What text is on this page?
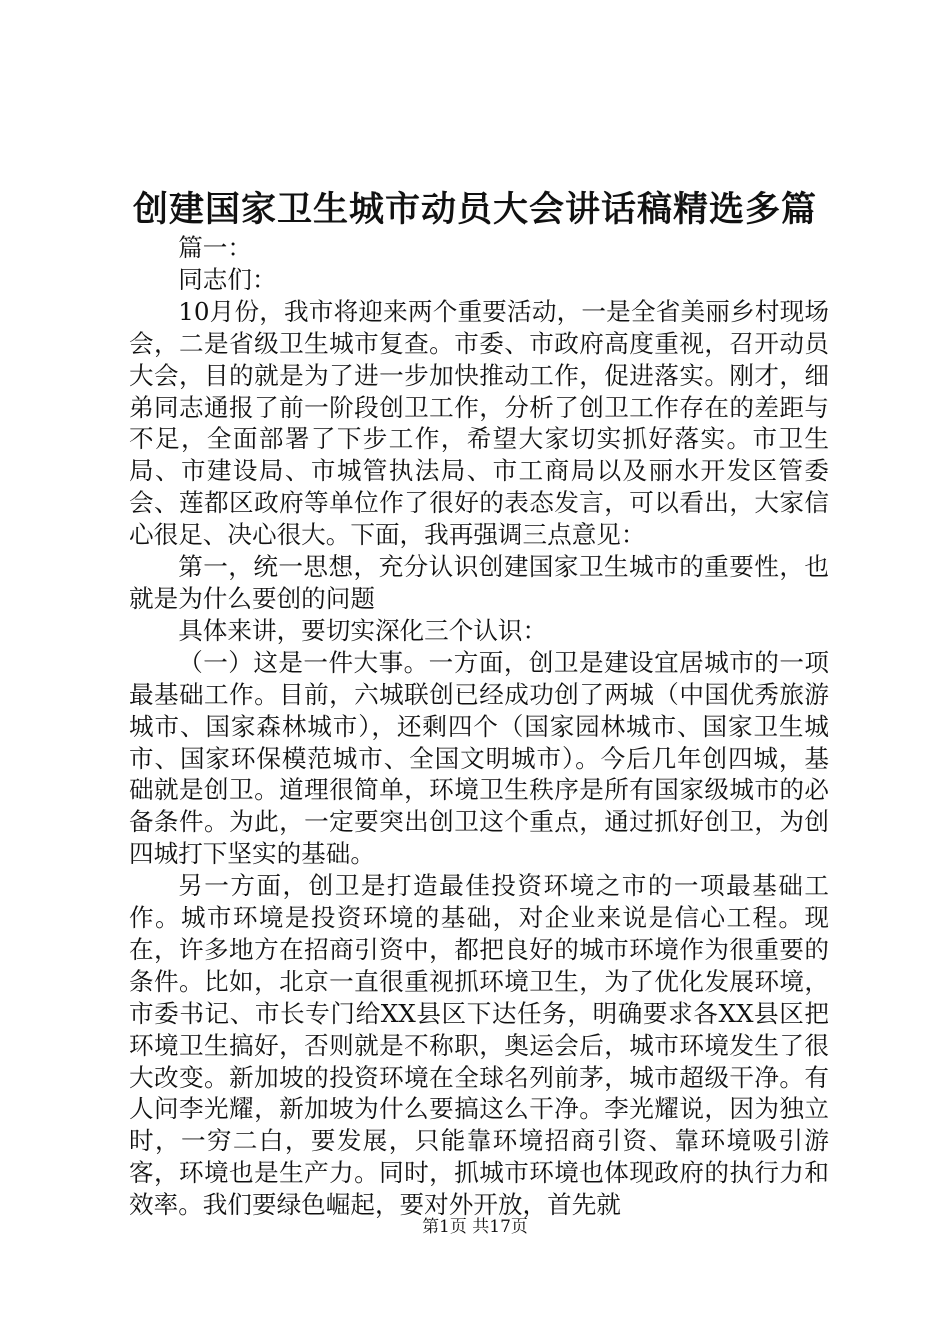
创建国家卫生城市动员大会讲话稿精选多篇

篇一：

同志们：

10月份，我市将迎来两个重要活动，一是全省美丽乡村现场会，二是省级卫生城市复查。市委、市政府高度重视，召开动员大会，目的就是为了进一步加快推动工作，促进落实。刚才，细弟同志通报了前一阶段创卫工作，分析了创卫工作存在的差距与不足，全面部署了下步工作，希望大家切实抓好落实。市卫生局、市建设局、市城管执法局、市工商局以及丽水开发区管委会、莲都区政府等单位作了很好的表态发言，可以看出，大家信心很足、决心很大。下面，我再强调三点意见：

第一，统一思想，充分认识创建国家卫生城市的重要性，也就是为什么要创的问题

具体来讲，要切实深化三个认识：

（一）这是一件大事。一方面，创卫是建设宜居城市的一项最基础工作。目前，六城联创已经成功创了两城（中国优秀旅游城市、国家森林城市），还剩四个（国家园林城市、国家卫生城市、国家环保模范城市、全国文明城市）。今后几年创四城，基础就是创卫。道理很简单，环境卫生秩序是所有国家级城市的必备条件。为此，一定要突出创卫这个重点，通过抓好创卫，为创四城打下坚实的基础。

另一方面，创卫是打造最佳投资环境之市的一项最基础工作。城市环境是投资环境的基础，对企业来说是信心工程。现在，许多地方在招商引资中，都把良好的城市环境作为很重要的条件。比如，北京一直很重视抓环境卫生，为了优化发展环境，市委书记、市长专门给XX县区下达任务，明确要求各XX县区把环境卫生搞好，否则就是不称职，奥运会后，城市环境发生了很大改变。新加坡的投资环境在全球名列前茅，城市超级干净。有人问李光耀，新加坡为什么要搞这么干净。李光耀说，因为独立时，一穷二白，要发展，只能靠环境招商引资、靠环境吸引游客，环境也是生产力。同时，抓城市环境也体现政府的执行力和效率。我们要绿色崛起，要对外开放，首先就

第1页 共17页
